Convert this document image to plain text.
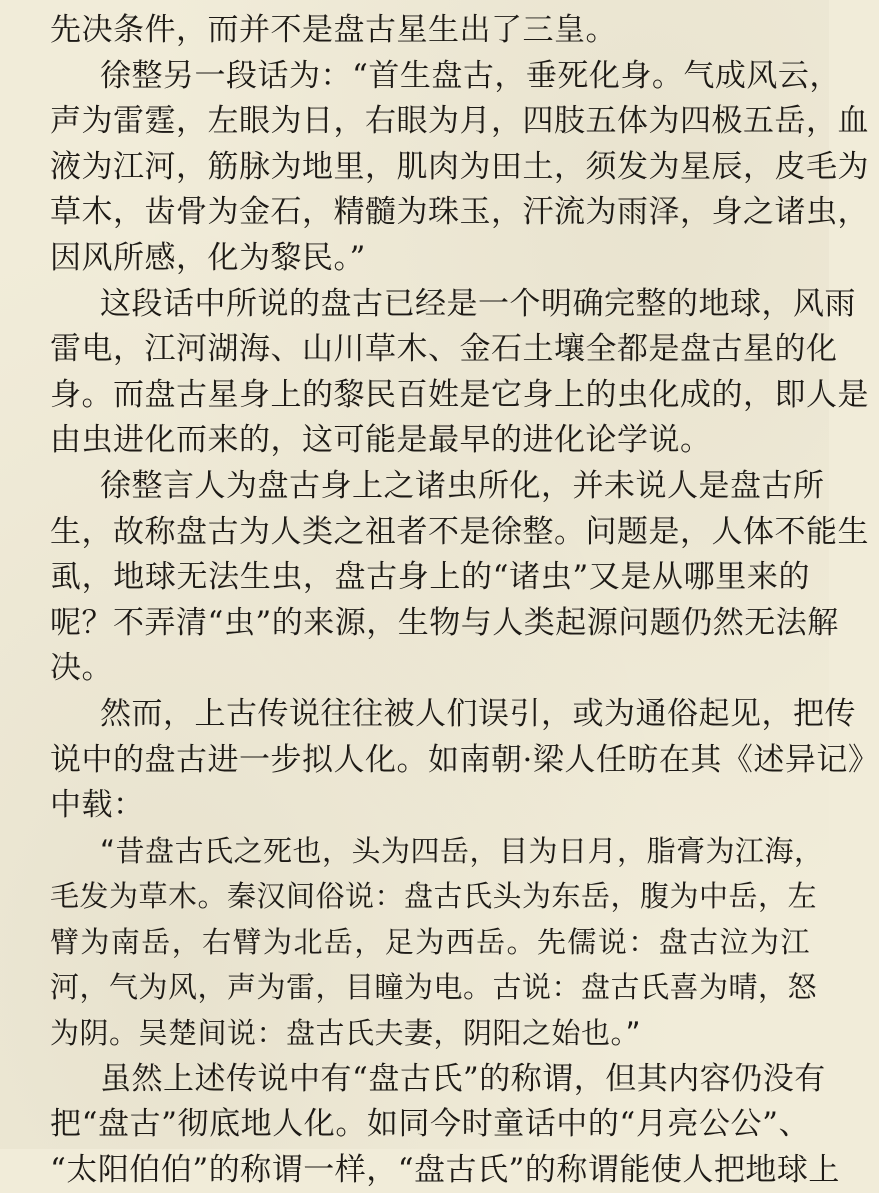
先决条件，而并不是盘古星生出了三皇。
徐整另一段话为：“首生盘古，垂死化身。气成风云，
声为雷霆，左眼为日，右眼为月，四肢五体为四极五岳，血
液为江河，筋脉为地里，肌肉为田土，须发为星辰，皮毛为
草木，齿骨为金石，精髓为珠玉，汗流为雨泽，身之诸虫，
因风所感，化为黎民。”
这段话中所说的盘古已经是一个明确完整的地球，风雨
雷电，江河湖海、山川草木、金石土壤全都是盘古星的化
身。而盘古星身上的黎民百姓是它身上的虫化成的，即人是
由虫进化而来的，这可能是最早的进化论学说。
徐整言人为盘古身上之诸虫所化，并未说人是盘古所
生，故称盘古为人类之祖者不是徐整。问题是，人体不能生
虱，地球无法生虫，盘古身上的“诸虫”又是从哪里来的
呢？不弄清“虫”的来源，生物与人类起源问题仍然无法解
决。
然而，上古传说往往被人们误引，或为通俗起见，把传
说中的盘古进一步拟人化。如南朝·梁人任昉在其《述异记》
中载：
“昔盘古氏之死也，头为四岳，目为日月，脂膏为江海，
毛发为草木。秦汉间俗说：盘古氏头为东岳，腹为中岳，左
臂为南岳，右臂为北岳，足为西岳。先儒说：盘古泣为江
河，气为风，声为雷，目瞳为电。古说：盘古氏喜为晴，怒
为阴。吴楚间说：盘古氏夫妻，阴阳之始也。”
虽然上述传说中有“盘古氏”的称谓，但其内容仍没有
把“盘古”彻底地人化。如同今时童话中的“月亮公公”、
“太阳伯伯”的称谓一样，“盘古氏”的称谓能使人把地球上
